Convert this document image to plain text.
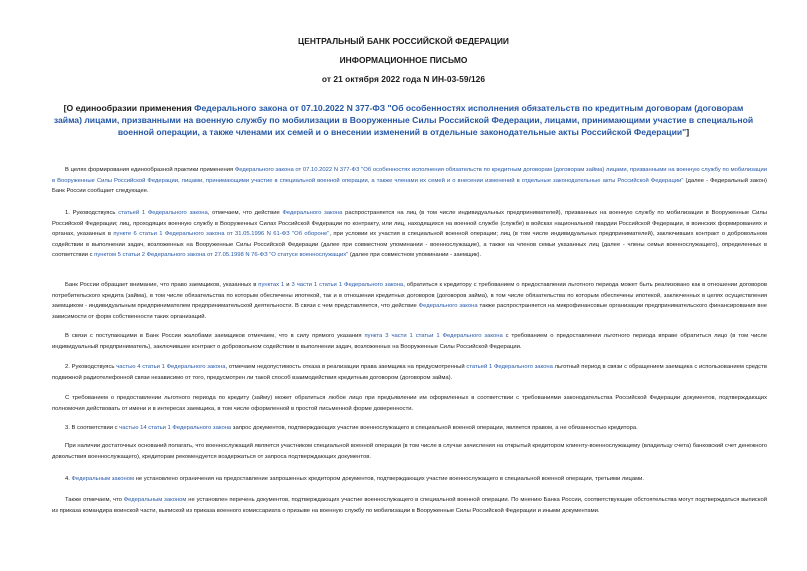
ЦЕНТРАЛЬНЫЙ БАНК РОССИЙСКОЙ ФЕДЕРАЦИИ
ИНФОРМАЦИОННОЕ ПИСЬМО
от 21 октября 2022 года N ИН-03-59/126
[О единообразии применения Федерального закона от 07.10.2022 N 377-ФЗ "Об особенностях исполнения обязательств по кредитным договорам (договорам займа) лицами, призванными на военную службу по мобилизации в Вооруженные Силы Российской Федерации, лицами, принимающими участие в специальной военной операции, а также членами их семей и о внесении изменений в отдельные законодательные акты Российской Федерации"]

В целях формирования единообразной практики применения Федерального закона от 07.10.2022 N 377-ФЗ "Об особенностях исполнения обязательств по кредитным договорам (договорам займа) лицами, призванными на военную службу по мобилизации в Вооруженные Силы Российской Федерации, лицами, принимающими участие в специальной военной операции, а также членами их семей и о внесении изменений в отдельные законодательные акты Российской Федерации" (далее - Федеральный закон) Банк России сообщает следующее.

1. Руководствуясь статьей 1 Федерального закона, отмечаем, что действие Федерального закона распространяется на лиц (в том числе индивидуальных предпринимателей), призванных на военную службу по мобилизации в Вооруженные Силы Российской Федерации; лиц, проходящих военную службу в Вооруженных Силах Российской Федерации по контракту, или лиц, находящихся на военной службе (службе) в войсках национальной гвардии Российской Федерации, в воинских формированиях и органах, указанных в пункте 6 статьи 1 Федерального закона от 31.05.1996 N 61-ФЗ "Об обороне", при условии их участия в специальной военной операции; лиц (в том числе индивидуальных предпринимателей), заключивших контракт о добровольном содействии в выполнении задач, возложенных на Вооруженные Силы Российской Федерации (далее при совместном упоминании - военнослужащие), а также на членов семьи указанных лиц (далее - члены семьи военнослужащего), определенных в соответствии с пунктом 5 статьи 2 Федерального закона от 27.05.1998 N 76-ФЗ "О статусе военнослужащих" (далее при совместном упоминании - заемщик).

Банк России обращает внимание, что право заемщиков, указанных в пунктах 1 и 3 части 1 статьи 1 Федерального закона, обратиться к кредитору с требованием о предоставлении льготного периода может быть реализовано как в отношении договоров потребительского кредита (займа), в том числе обязательства по которым обеспечены ипотекой, так и в отношении кредитных договоров (договоров займа), в том числе обязательства по которым обеспечены ипотекой, заключенных в целях осуществления заемщиком - индивидуальным предпринимателем предпринимательской деятельности. В связи с чем представляется, что действие Федерального закона также распространяется на микрофинансовые организации предпринимательского финансирования вне зависимости от форм собственности таких организаций.

В связи с поступающими в Банк России жалобами заемщиков отмечаем, что в силу прямого указания пункта 3 части 1 статьи 1 Федерального закона с требованием о предоставлении льготного периода вправе обратиться лицо (в том числе индивидуальный предприниматель), заключившее контракт о добровольном содействии в выполнении задач, возложенных на Вооруженные Силы Российской Федерации.

2. Руководствуясь частью 4 статьи 1 Федерального закона, отмечаем недопустимость отказа в реализации права заемщика на предусмотренный статьей 1 Федерального закона льготный период в связи с обращением заемщика с использованием средств подвижной радиотелефонной связи независимо от того, предусмотрен ли такой способ взаимодействия кредитным договором (договором займа).

С требованием о предоставлении льготного периода по кредиту (займу) может обратиться любое лицо при предъявлении им оформленных в соответствии с требованиями законодательства Российской Федерации документов, подтверждающих полномочия действовать от имени и в интересах заемщика, в том числе оформленной в простой письменной форме доверенности.

3. В соответствии с частью 14 статьи 1 Федерального закона запрос документов, подтверждающих участие военнослужащего в специальной военной операции, является правом, а не обязанностью кредитора.

При наличии достаточных оснований полагать, что военнослужащий является участником специальной военной операции (в том числе в случае зачисления на открытый кредитором клиенту-военнослужащему (владельцу счета) банковский счет денежного довольствия военнослужащего), кредиторам рекомендуется воздержаться от запроса подтверждающих документов.

4. Федеральным законом не установлено ограничения на предоставление запрошенных кредитором документов, подтверждающих участие военнослужащего в специальной военной операции, третьими лицами.

Также отмечаем, что Федеральным законом не установлен перечень документов, подтверждающих участие военнослужащего в специальной военной операции. По мнению Банка России, соответствующие обстоятельства могут подтверждаться выпиской из приказа командира воинской части, выпиской из приказа военного комиссариата о призыве на военную службу по мобилизации в Вооруженные Силы Российской Федерации и иными документами.
